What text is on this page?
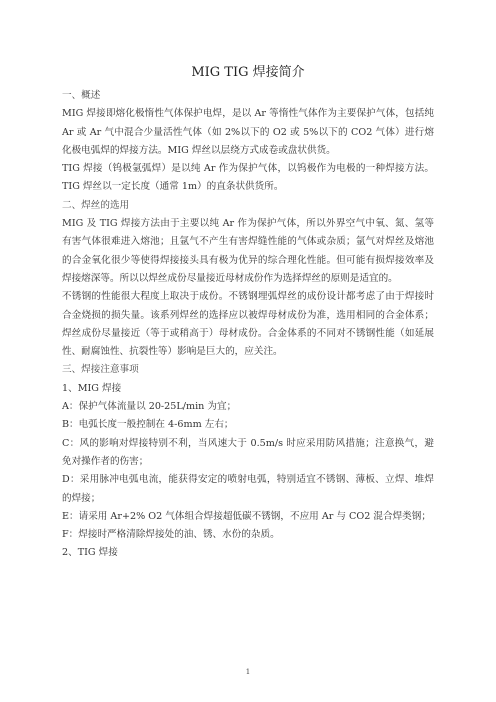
MIG TIG 焊接简介

一、概述

MIG 焊接即熔化极惰性气体保护电焊，是以 Ar 等惰性气体作为主要保护气体，包括纯 Ar 或 Ar 气中混合少量活性气体（如 2%以下的 O2 或 5%以下的 CO2 气体）进行熔化极电弧焊的焊接方法。MIG 焊丝以层绕方式成卷或盘状供货。

TIG 焊接（钨极氩弧焊）是以纯 Ar 作为保护气体，以钨极作为电极的一种焊接方法。TIG 焊丝以一定长度（通常 1m）的直条状供货所。

二、焊丝的选用

MIG 及 TIG 焊接方法由于主要以纯 Ar 作为保护气体，所以外界空气中氧、氮、氢等有害气体很难进入熔池；且氩气不产生有害焊缝性能的气体或杂质；氩气对焊丝及熔池的合金氧化很少等使得焊接接头具有极为优异的综合理化性能。但可能有损焊接效率及焊接熔深等。所以以焊丝成份尽量接近母材成份作为选择焊丝的原则是适宜的。

不锈钢的性能很大程度上取决于成份。不锈钢埋弧焊丝的成份设计都考虑了由于焊接时合金烧损的损失量。该系列焊丝的选择应以被焊母材成份为准，选用相同的合金体系；焊丝成份尽量接近（等于或稍高于）母材成份。合金体系的不同对不锈钢性能（如延展性、耐腐蚀性、抗裂性等）影响是巨大的，应关注。

三、焊接注意事项

1、MIG 焊接

A：保护气体流量以 20-25L/min 为宜；

B：电弧长度一般控制在 4-6mm 左右；

C：风的影响对焊接特别不利，当风速大于 0.5m/s 时应采用防风措施；注意换气，避免对操作者的伤害；

D：采用脉冲电弧电流，能获得安定的喷射电弧，特别适宜不锈钢、薄板、立焊、堆焊的焊接；

E：请采用 Ar+2% O2 气体组合焊接超低碳不锈钢，不应用 Ar 与 CO2 混合焊类钢；

F：焊接时严格清除焊接处的油、锈、水份的杂质。

2、TIG 焊接

1
